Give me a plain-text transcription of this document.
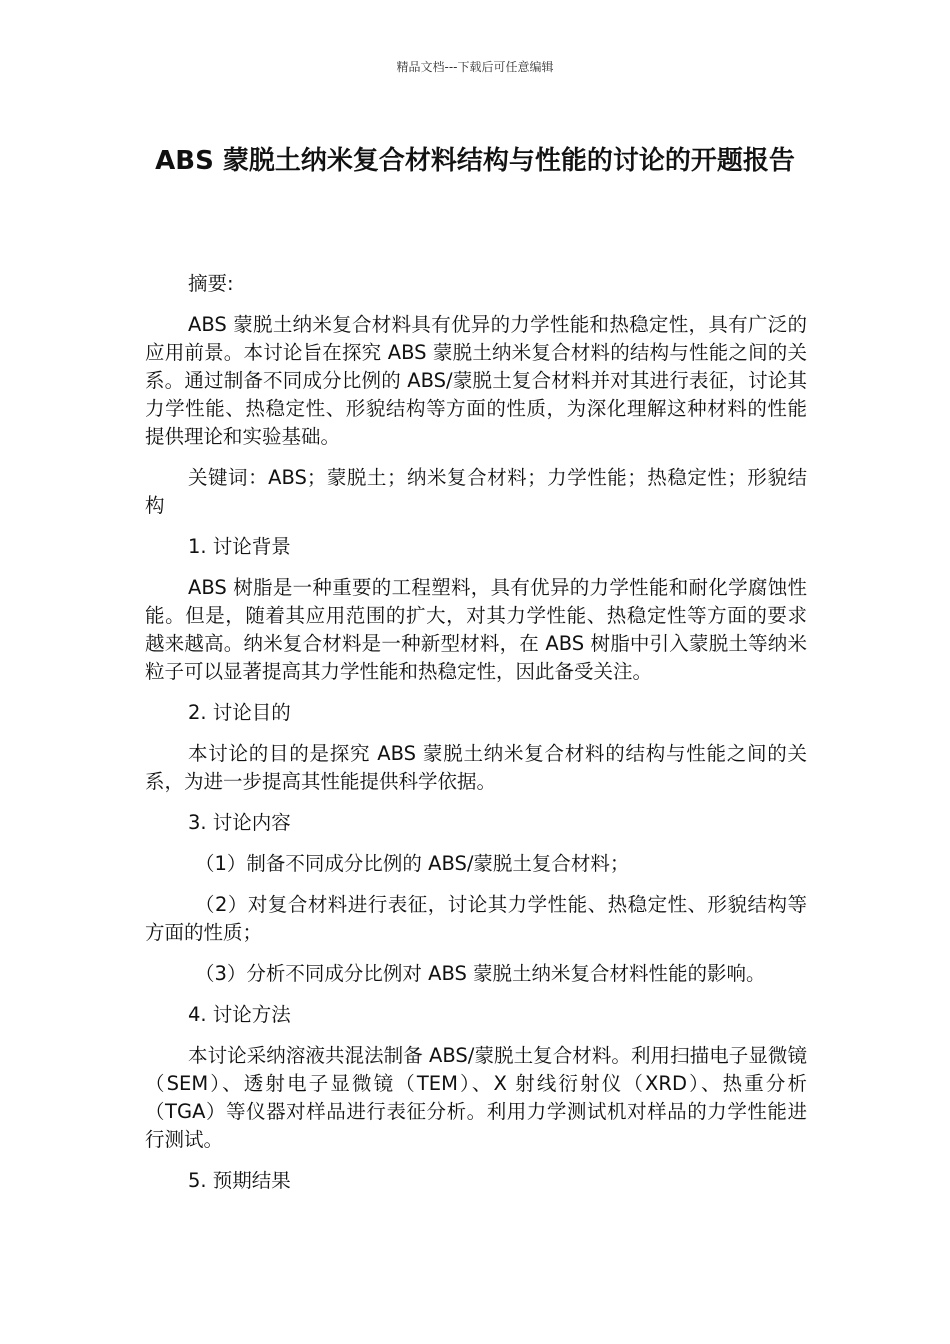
精品文档---下载后可任意编辑
ABS 蒙脱土纳米复合材料结构与性能的讨论的开题报告

摘要:

ABS 蒙脱土纳米复合材料具有优异的力学性能和热稳定性，具有广泛的应用前景。本讨论旨在探究 ABS 蒙脱土纳米复合材料的结构与性能之间的关系。通过制备不同成分比例的 ABS/蒙脱土复合材料并对其进行表征，讨论其力学性能、热稳定性、形貌结构等方面的性质，为深化理解这种材料的性能提供理论和实验基础。

关键词：ABS；蒙脱土；纳米复合材料；力学性能；热稳定性；形貌结构

1. 讨论背景

ABS 树脂是一种重要的工程塑料，具有优异的力学性能和耐化学腐蚀性能。但是，随着其应用范围的扩大，对其力学性能、热稳定性等方面的要求越来越高。纳米复合材料是一种新型材料，在 ABS 树脂中引入蒙脱土等纳米粒子可以显著提高其力学性能和热稳定性，因此备受关注。

2. 讨论目的

本讨论的目的是探究 ABS 蒙脱土纳米复合材料的结构与性能之间的关系，为进一步提高其性能提供科学依据。

3. 讨论内容

（1）制备不同成分比例的 ABS/蒙脱土复合材料；

（2）对复合材料进行表征，讨论其力学性能、热稳定性、形貌结构等方面的性质；

（3）分析不同成分比例对 ABS 蒙脱土纳米复合材料性能的影响。

4. 讨论方法

本讨论采纳溶液共混法制备 ABS/蒙脱土复合材料。利用扫描电子显微镜（SEM）、透射电子显微镜（TEM）、X 射线衍射仪（XRD）、热重分析（TGA）等仪器对样品进行表征分析。利用力学测试机对样品的力学性能进行测试。

5. 预期结果
